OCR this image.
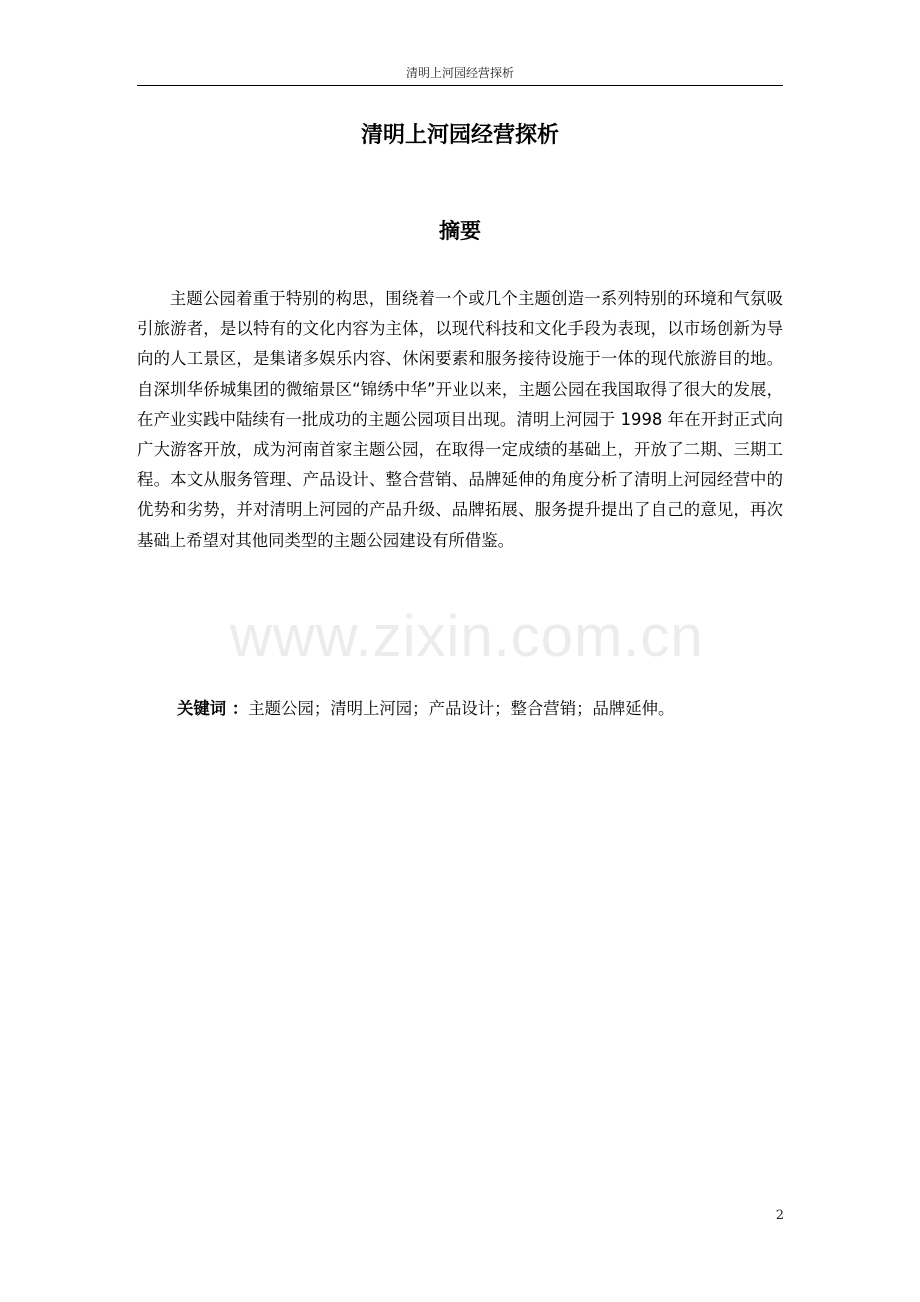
清明上河园经营探析
清明上河园经营探析
摘要

主题公园着重于特别的构思，围绕着一个或几个主题创造一系列特别的环境和气氛吸引旅游者，是以特有的文化内容为主体，以现代科技和文化手段为表现，以市场创新为导向的人工景区，是集诸多娱乐内容、休闲要素和服务接待设施于一体的现代旅游目的地。自深圳华侨城集团的微缩景区“锦绣中华”开业以来，主题公园在我国取得了很大的发展，在产业实践中陆续有一批成功的主题公园项目出现。清明上河园于 1998 年在开封正式向广大游客开放，成为河南首家主题公园，在取得一定成绩的基础上，开放了二期、三期工程。本文从服务管理、产品设计、整合营销、品牌延伸的角度分析了清明上河园经营中的优势和劣势，并对清明上河园的产品升级、品牌拓展、服务提升提出了自己的意见，再次基础上希望对其他同类型的主题公园建设有所借鉴。

www.zixin.com.cn

关键词 ：主题公园；清明上河园；产品设计；整合营销；品牌延伸。

2
